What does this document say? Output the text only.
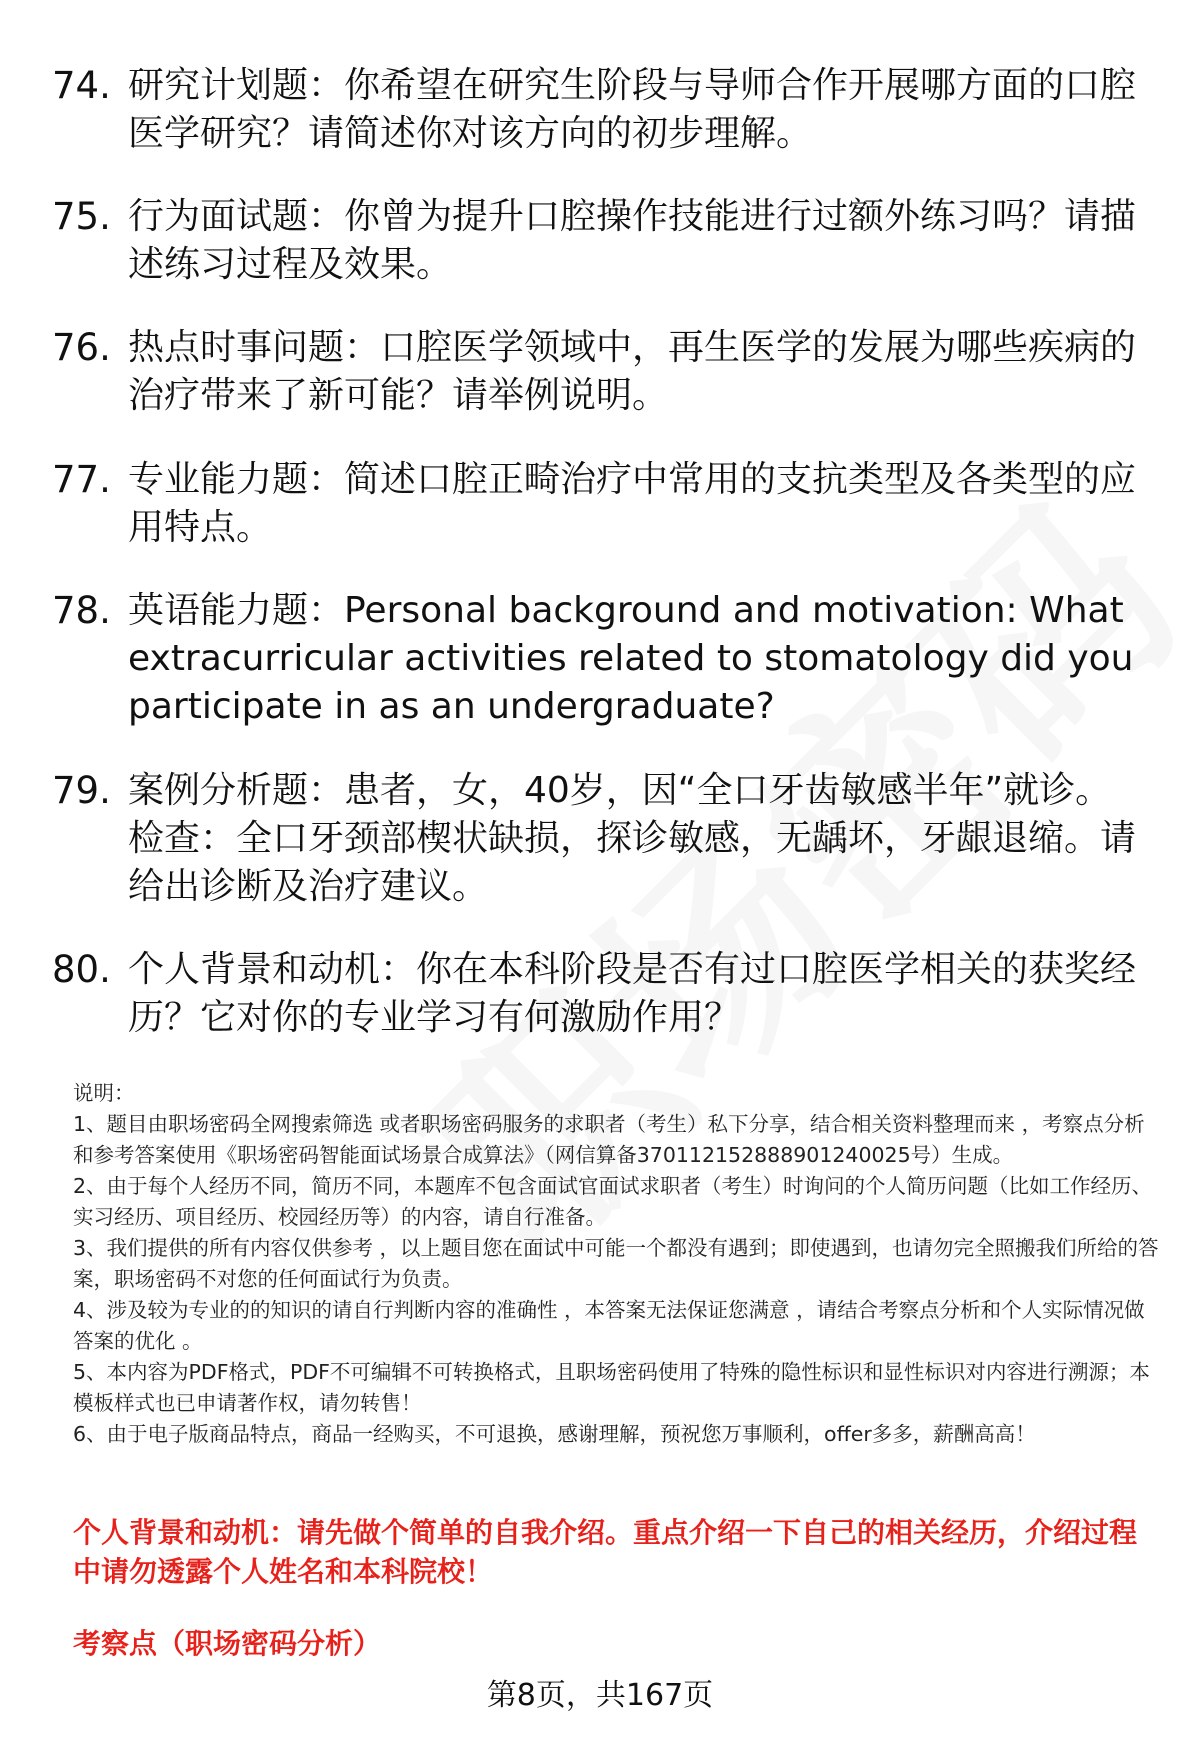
74. 研究计划题：你希望在研究生阶段与导师合作开展哪方面的口腔医学研究？请简述你对该方向的初步理解。
75. 行为面试题：你曾为提升口腔操作技能进行过额外练习吗？请描述练习过程及效果。
76. 热点时事问题：口腔医学领域中，再生医学的发展为哪些疾病的治疗带来了新可能？请举例说明。
77. 专业能力题：简述口腔正畸治疗中常用的支抗类型及各类型的应用特点。
78. 英语能力题：Personal background and motivation: What extracurricular activities related to stomatology did you participate in as an undergraduate?
79. 案例分析题：患者，女，40岁，因“全口牙齿敏感半年”就诊。检查：全口牙颈部楔状缺损，探诊敏感，无龋坏，牙龈退缩。请给出诊断及治疗建议。
80. 个人背景和动机：你在本科阶段是否有过口腔医学相关的获奖经历？它对你的专业学习有何激励作用？
说明：
1、题目由职场密码全网搜索筛选 或者职场密码服务的求职者（考生）私下分享，结合相关资料整理而来 ，考察点分析和参考答案使用《职场密码智能面试场景合成算法》（网信算备370112152888901240025号）生成。
2、由于每个人经历不同，简历不同，本题库不包含面试官面试求职者（考生）时询问的个人简历问题（比如工作经历、实习经历、项目经历、校园经历等）的内容，请自行准备。
3、我们提供的所有内容仅供参考 ，以上题目您在面试中可能一个都没有遇到；即使遇到，也请勿完全照搬我们所给的答案，职场密码不对您的任何面试行为负责。
4、涉及较为专业的的知识的请自行判断内容的准确性 ，本答案无法保证您满意 ，请结合考察点分析和个人实际情况做答案的优化 。
5、本内容为PDF格式，PDF不可编辑不可转换格式，且职场密码使用了特殊的隐性标识和显性标识对内容进行溯源；本模板样式也已申请著作权，请勿转售！
6、由于电子版商品特点，商品一经购买，不可退换，感谢理解，预祝您万事顺利，offer多多，薪酬高高！
个人背景和动机：请先做个简单的自我介绍。重点介绍一下自己的相关经历，介绍过程中请勿透露个人姓名和本科院校！
考察点（职场密码分析）
第8页，共167页
